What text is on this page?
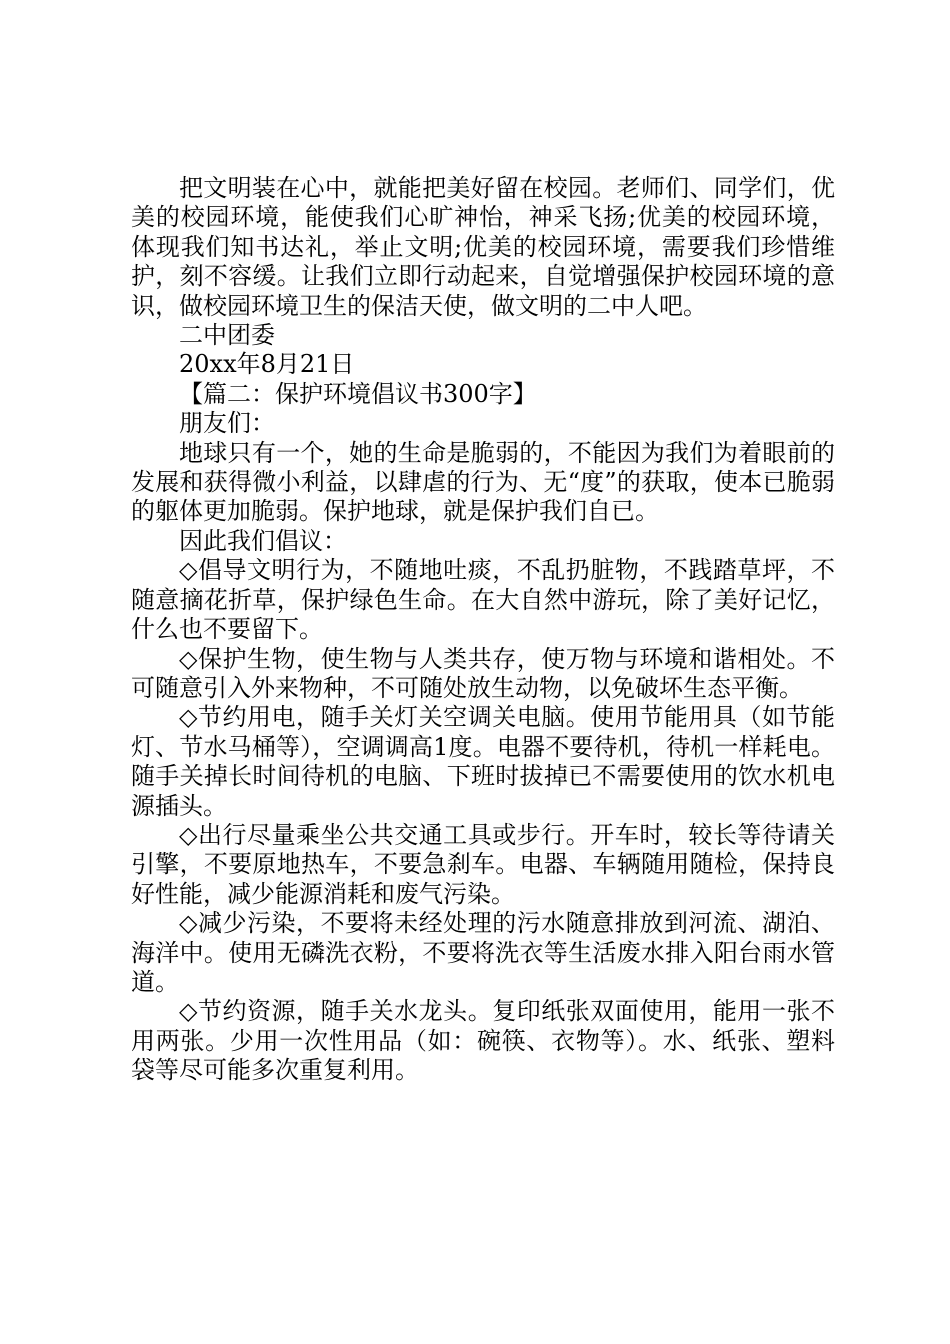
把文明装在心中，就能把美好留在校园。老师们、同学们，优美的校园环境，能使我们心旷神怡，神采飞扬;优美的校园环境，体现我们知书达礼，举止文明;优美的校园环境，需要我们珍惜维护，刻不容缓。让我们立即行动起来，自觉增强保护校园环境的意识，做校园环境卫生的保洁天使，做文明的二中人吧。

二中团委

20xx年8月21日

【篇二：保护环境倡议书300字】

朋友们：

地球只有一个，她的生命是脆弱的，不能因为我们为着眼前的发展和获得微小利益，以肆虐的行为、无“度”的获取，使本已脆弱的躯体更加脆弱。保护地球，就是保护我们自已。

因此我们倡议：

◇倡导文明行为，不随地吐痰，不乱扔脏物，不践踏草坪，不随意摘花折草，保护绿色生命。在大自然中游玩，除了美好记忆，什么也不要留下。

◇保护生物，使生物与人类共存，使万物与环境和谐相处。不可随意引入外来物种，不可随处放生动物，以免破坏生态平衡。

◇节约用电，随手关灯关空调关电脑。使用节能用具（如节能灯、节水马桶等），空调调高1度。电器不要待机，待机一样耗电。随手关掉长时间待机的电脑、下班时拔掉已不需要使用的饮水机电源插头。

◇出行尽量乘坐公共交通工具或步行。开车时，较长等待请关引擎，不要原地热车，不要急刹车。电器、车辆随用随检，保持良好性能，减少能源消耗和废气污染。

◇减少污染，不要将未经处理的污水随意排放到河流、湖泊、海洋中。使用无磷洗衣粉，不要将洗衣等生活废水排入阳台雨水管道。

◇节约资源，随手关水龙头。复印纸张双面使用，能用一张不用两张。少用一次性用品（如：碗筷、衣物等）。水、纸张、塑料袋等尽可能多次重复利用。
